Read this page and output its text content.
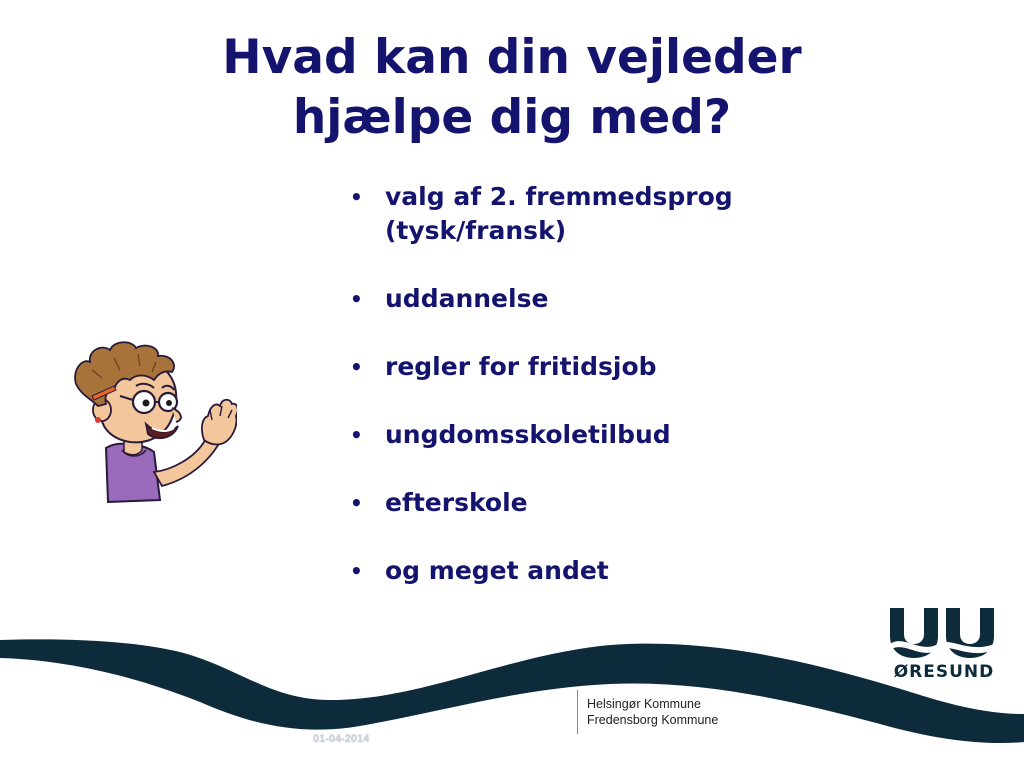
Hvad kan din vejleder
hjælpe dig med?
• valg af 2. fremmedsprog
(tysk/fransk)
• uddannelse
• regler for fritidsjob
• ungdomsskoletilbud
• efterskole
• og meget andet
ØRESUND
Helsingør Kommune
Fredensborg Kommune
01-04-2014
